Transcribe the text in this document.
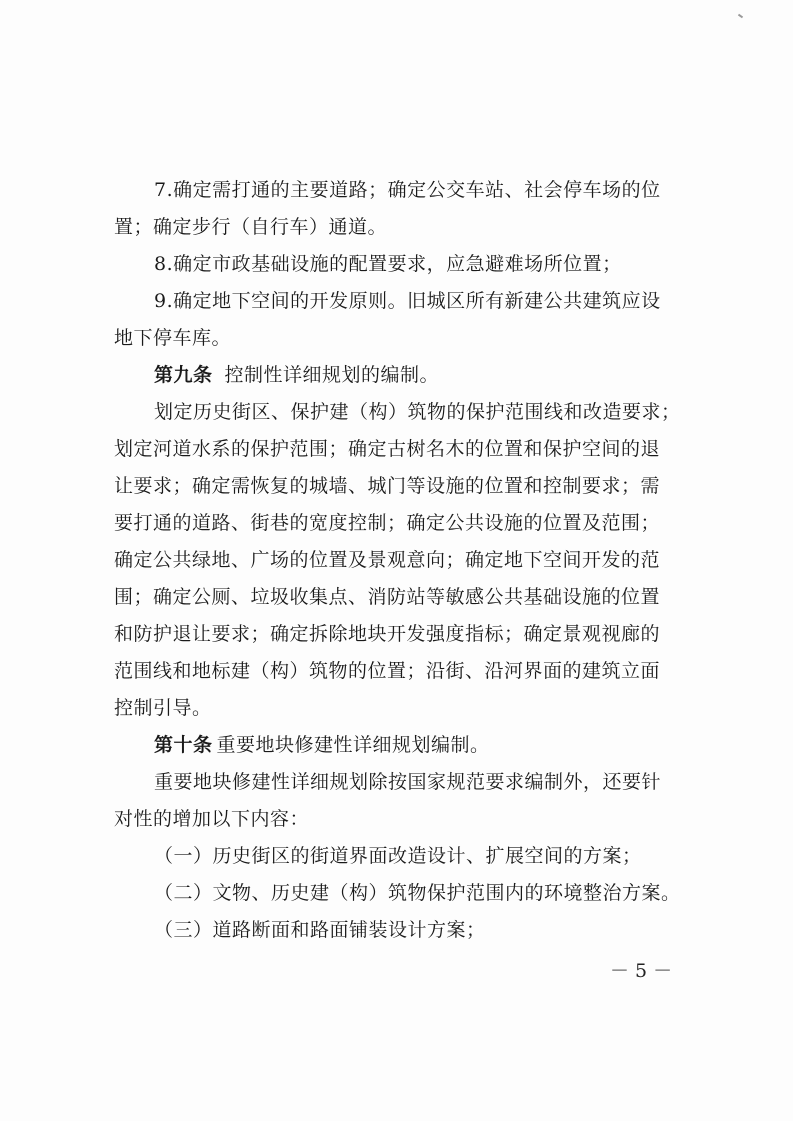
7.确定需打通的主要道路；确定公交车站、社会停车场的位
置；确定步行（自行车）通道。
8.确定市政基础设施的配置要求，应急避难场所位置；
9.确定地下空间的开发原则。旧城区所有新建公共建筑应设
地下停车库。
第九条 控制性详细规划的编制。
划定历史街区、保护建（构）筑物的保护范围线和改造要求；
划定河道水系的保护范围；确定古树名木的位置和保护空间的退
让要求；确定需恢复的城墙、城门等设施的位置和控制要求；需
要打通的道路、街巷的宽度控制；确定公共设施的位置及范围；
确定公共绿地、广场的位置及景观意向；确定地下空间开发的范
围；确定公厕、垃圾收集点、消防站等敏感公共基础设施的位置
和防护退让要求；确定拆除地块开发强度指标；确定景观视廊的
范围线和地标建（构）筑物的位置；沿街、沿河界面的建筑立面
控制引导。
第十条 重要地块修建性详细规划编制。
重要地块修建性详细规划除按国家规范要求编制外，还要针
对性的增加以下内容：
（一）历史街区的街道界面改造设计、扩展空间的方案；
（二）文物、历史建（构）筑物保护范围内的环境整治方案。
（三）道路断面和路面铺装设计方案；
－ 5 －
